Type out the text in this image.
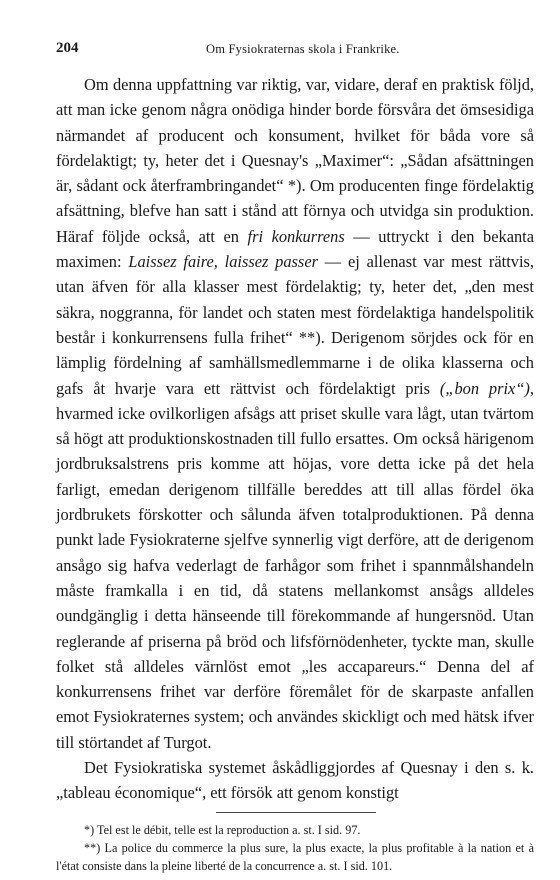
204	Om Fysiokraternas skola i Frankrike.

Om denna uppfattning var riktig, var, vidare, deraf en praktisk följd, att man icke genom några onödiga hinder borde försvåra det ömsesidiga närmandet af producent och konsument, hvilket för båda vore så fördelaktigt; ty, heter det i Quesnay's „Maximer“: „Sådan afsättningen är, sådant ock återframbringandet“ *). Om producenten finge fördelaktig afsättning, blefve han satt i stånd att förnya och utvidga sin produktion. Häraf följde också, att en fri konkurrens — uttryckt i den bekanta maximen: Laissez faire, laissez passer — ej allenast var mest rättvis, utan äfven för alla klasser mest fördelaktig; ty, heter det, „den mest säkra, noggranna, för landet och staten mest fördelaktiga handelspolitik består i konkurrensens fulla frihet“ **). Derigenom sörjdes ock för en lämplig fördelning af samhällsmedlemmarne i de olika klasserna och gafs åt hvarje vara ett rättvist och fördelaktigt pris („bon prix“), hvarmed icke ovilkorligen afsågs att priset skulle vara lågt, utan tvärtom så högt att produktionskostnaden till fullo ersattes. Om också härigenom jordbruksalstrens pris komme att höjas, vore detta icke på det hela farligt, emedan derigenom tillfälle bereddes att till allas fördel öka jordbrukets förskotter och sålunda äfven totalproduktionen. På denna punkt lade Fysiokraterne sjelfve synnerlig vigt derföre, att de derigenom ansågo sig hafva vederlagt de farhågor som frihet i spannmålshandeln måste framkalla i en tid, då statens mellankomst ansågs alldeles oundgänglig i detta hänseende till förekommande af hungersnöd. Utan reglerande af priserna på bröd och lifsförnödenheter, tyckte man, skulle folket stå alldeles värnlöst emot „les accapareurs.“ Denna del af konkurrensens frihet var derföre föremålet för de skarpaste anfallen emot Fysiokraternes system; och användes skickligt och med hätsk ifver till störtandet af Turgot.

Det Fysiokratiska systemet åskådliggjordes af Quesnay i den s. k. „tableau économique“, ett försök att genom konstigt

*) Tel est le débit, telle est la reproduction a. st. I sid. 97.

**) La police du commerce la plus sure, la plus exacte, la plus profitable à la nation et à l'état consiste dans la pleine liberté de la concurrence a. st. I sid. 101.
